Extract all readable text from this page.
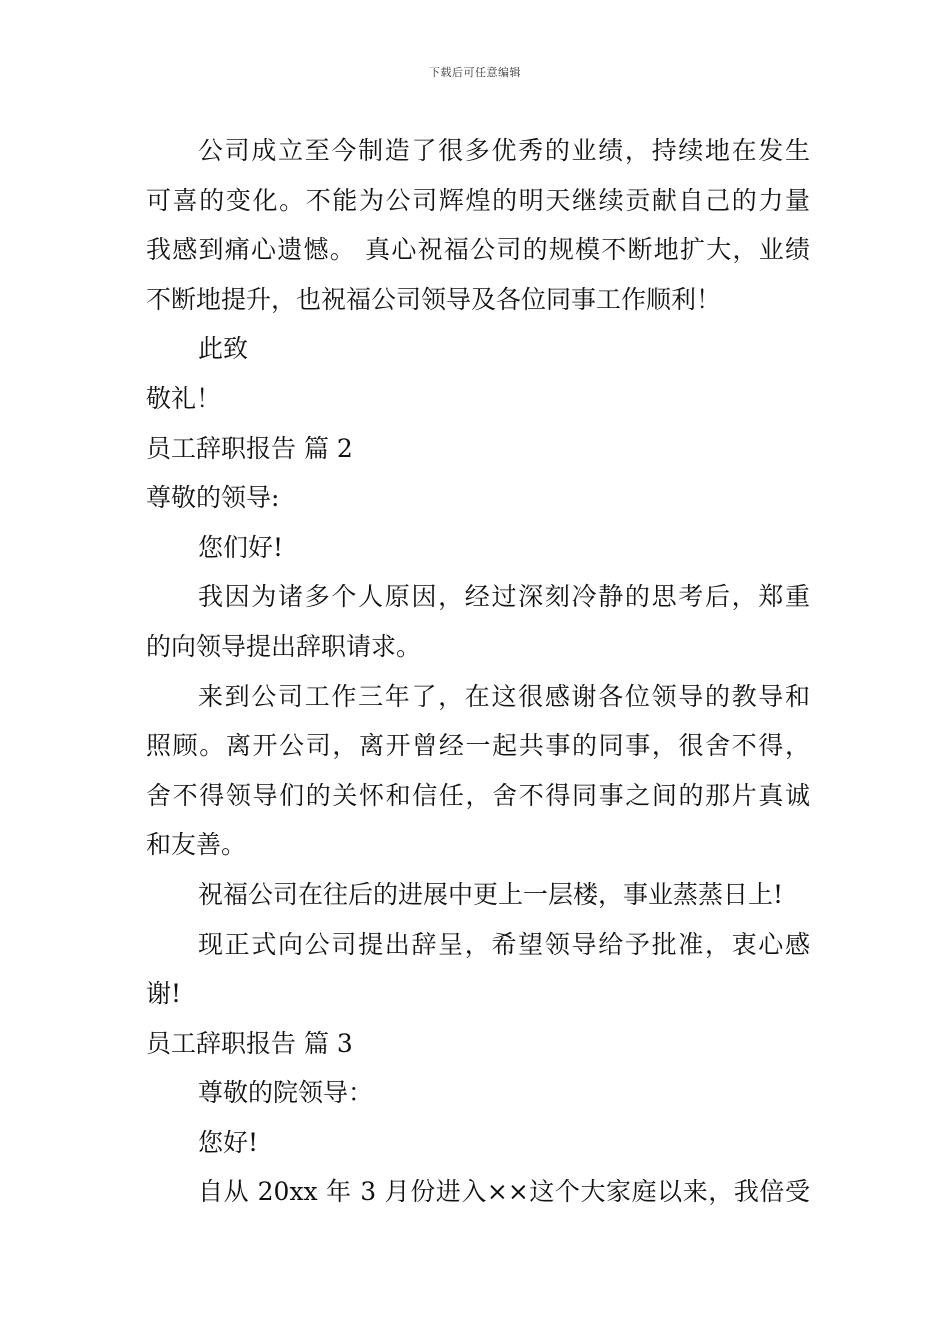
下载后可任意编辑
公司成立至今制造了很多优秀的业绩，持续地在发生
可喜的变化。不能为公司辉煌的明天继续贡献自己的力量
我感到痛心遗憾。 真心祝福公司的规模不断地扩大，业绩
不断地提升，也祝福公司领导及各位同事工作顺利！
此致
敬礼！
员工辞职报告 篇 2
尊敬的领导:
您们好!
我因为诸多个人原因，经过深刻冷静的思考后，郑重
的向领导提出辞职请求。
来到公司工作三年了，在这很感谢各位领导的教导和
照顾。离开公司，离开曾经一起共事的同事，很舍不得，
舍不得领导们的关怀和信任，舍不得同事之间的那片真诚
和友善。
祝福公司在往后的进展中更上一层楼，事业蒸蒸日上!
现正式向公司提出辞呈，希望领导给予批准，衷心感
谢!
员工辞职报告 篇 3
尊敬的院领导：
您好!
自从 20xx 年 3 月份进入××这个大家庭以来，我倍受
